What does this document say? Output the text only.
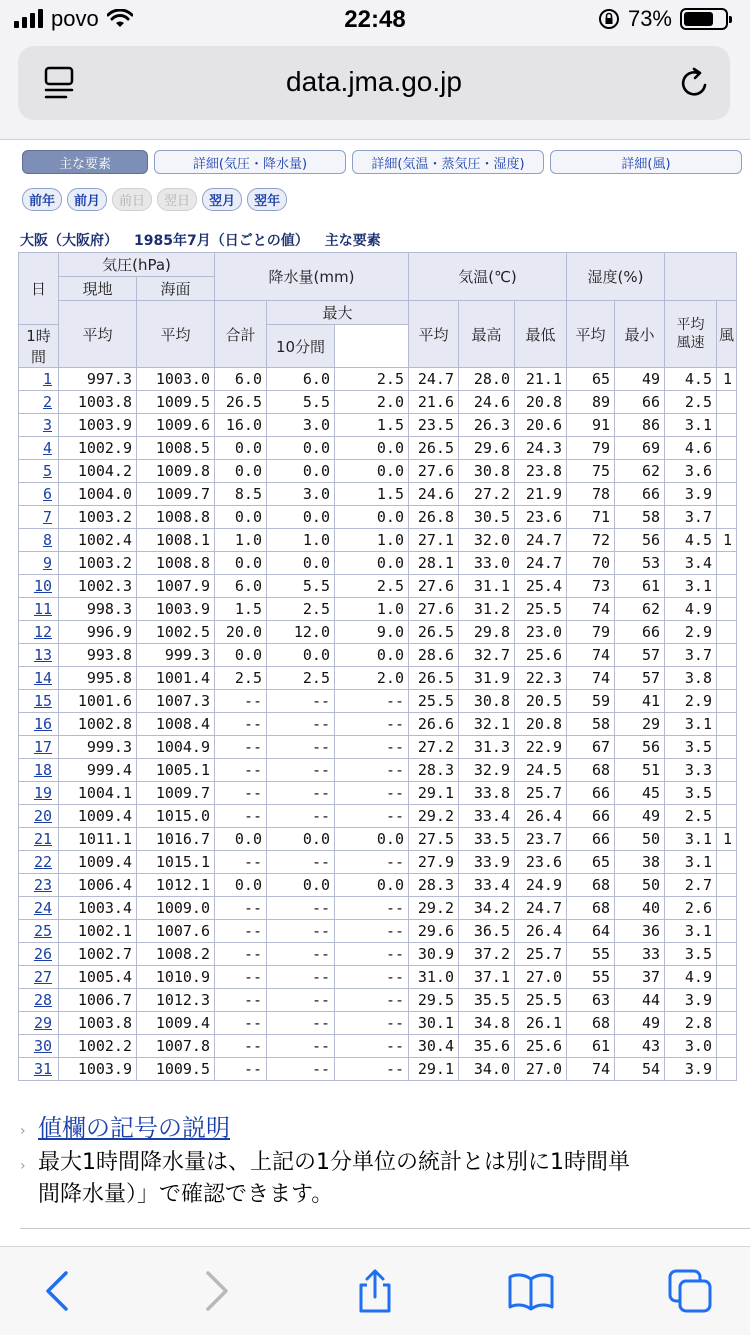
povo	22:48	73%
data.jma.go.jp
主な要素	詳細(気圧・降水量)	詳細(気温・蒸気圧・湿度)	詳細(風)
前年	前月	前日	翌日	翌月	翌年
大阪（大阪府） 1985年7月（日ごとの値） 主な要素
日	気圧(hPa)		降水量(mm)			気温(℃)			湿度(%)			
	現地	海面										
	平均	平均	合計	最大		平均	最高	最低	平均	最小	平均
風速	風
1時間				10分間								
1	997.3	1003.0	6.0	6.0	2.5	24.7	28.0	21.1	65	49	4.5	1
2	1003.8	1009.5	26.5	5.5	2.0	21.6	24.6	20.8	89	66	2.5	
3	1003.9	1009.6	16.0	3.0	1.5	23.5	26.3	20.6	91	86	3.1	
4	1002.9	1008.5	0.0	0.0	0.0	26.5	29.6	24.3	79	69	4.6	
5	1004.2	1009.8	0.0	0.0	0.0	27.6	30.8	23.8	75	62	3.6	
6	1004.0	1009.7	8.5	3.0	1.5	24.6	27.2	21.9	78	66	3.9	
7	1003.2	1008.8	0.0	0.0	0.0	26.8	30.5	23.6	71	58	3.7	
8	1002.4	1008.1	1.0	1.0	1.0	27.1	32.0	24.7	72	56	4.5	1
9	1003.2	1008.8	0.0	0.0	0.0	28.1	33.0	24.7	70	53	3.4	
10	1002.3	1007.9	6.0	5.5	2.5	27.6	31.1	25.4	73	61	3.1	
11	998.3	1003.9	1.5	2.5	1.0	27.6	31.2	25.5	74	62	4.9	
12	996.9	1002.5	20.0	12.0	9.0	26.5	29.8	23.0	79	66	2.9	
13	993.8	999.3	0.0	0.0	0.0	28.6	32.7	25.6	74	57	3.7	
14	995.8	1001.4	2.5	2.5	2.0	26.5	31.9	22.3	74	57	3.8	
15	1001.6	1007.3	--	--	--	25.5	30.8	20.5	59	41	2.9	
16	1002.8	1008.4	--	--	--	26.6	32.1	20.8	58	29	3.1	
17	999.3	1004.9	--	--	--	27.2	31.3	22.9	67	56	3.5	
18	999.4	1005.1	--	--	--	28.3	32.9	24.5	68	51	3.3	
19	1004.1	1009.7	--	--	--	29.1	33.8	25.7	66	45	3.5	
20	1009.4	1015.0	--	--	--	29.2	33.4	26.4	66	49	2.5	
21	1011.1	1016.7	0.0	0.0	0.0	27.5	33.5	23.7	66	50	3.1	1
22	1009.4	1015.1	--	--	--	27.9	33.9	23.6	65	38	3.1	
23	1006.4	1012.1	0.0	0.0	0.0	28.3	33.4	24.9	68	50	2.7	
24	1003.4	1009.0	--	--	--	29.2	34.2	24.7	68	40	2.6	
25	1002.1	1007.6	--	--	--	29.6	36.5	26.4	64	36	3.1	
26	1002.7	1008.2	--	--	--	30.9	37.2	25.7	55	33	3.5	
27	1005.4	1010.9	--	--	--	31.0	37.1	27.0	55	37	4.9	
28	1006.7	1012.3	--	--	--	29.5	35.5	25.5	63	44	3.9	
29	1003.8	1009.4	--	--	--	30.1	34.8	26.1	68	49	2.8	
30	1002.2	1007.8	--	--	--	30.4	35.6	25.6	61	43	3.0	
31	1003.9	1009.5	--	--	--	29.1	34.0	27.0	74	54	3.9	
› 値欄の記号の説明
› 最大1時間降水量は、上記の1分単位の統計とは別に1時間単
間降水量）」で確認できます。
